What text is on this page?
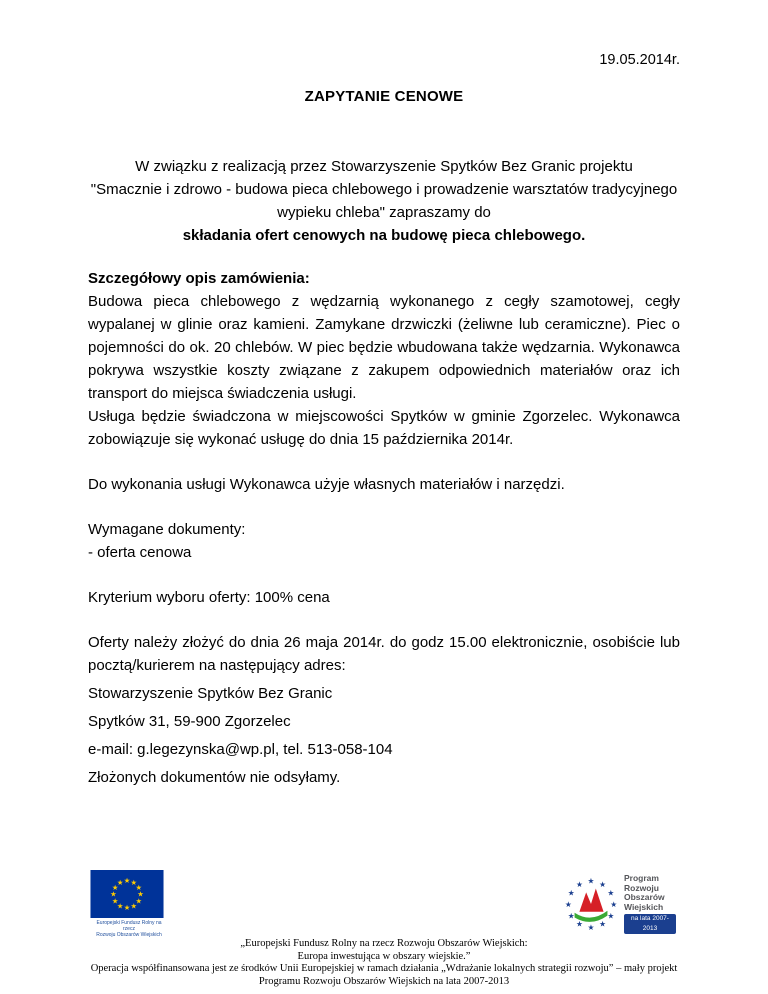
19.05.2014r.

ZAPYTANIE CENOWE

W związku z realizacją przez Stowarzyszenie Spytków Bez Granic projektu
"Smacznie i zdrowo - budowa pieca chlebowego i prowadzenie warsztatów tradycyjnego
wypieku chleba" zapraszamy do
składania ofert cenowych na budowę pieca chlebowego.

Szczegółowy opis zamówienia:

Budowa pieca chlebowego z wędzarnią wykonanego z cegły szamotowej, cegły wypalanej w glinie oraz kamieni. Zamykane drzwiczki (żeliwne lub ceramiczne). Piec o pojemności do ok. 20 chlebów. W piec będzie wbudowana także wędzarnia. Wykonawca pokrywa wszystkie koszty związane z zakupem odpowiednich materiałów oraz ich transport do miejsca świadczenia usługi.

Usługa będzie świadczona w miejscowości Spytków w gminie Zgorzelec. Wykonawca zobowiązuje się wykonać usługę do dnia 15 października 2014r.

Do wykonania usługi Wykonawca użyje własnych materiałów i narzędzi.

Wymagane dokumenty:

- oferta cenowa

Kryterium wyboru oferty: 100% cena

Oferty należy złożyć do dnia 26 maja 2014r. do godz 15.00 elektronicznie, osobiście lub pocztą/kurierem na następujący adres:

Stowarzyszenie Spytków Bez Granic

Spytków 31, 59-900 Zgorzelec

e-mail: g.legezynska@wp.pl, tel. 513-058-104

Złożonych dokumentów nie odsyłamy.

★ ★
★
★
★
★
★
★
★
★
★
★
Europejski Fundusz Rolny na rzecz
Rozwoju Obszarów Wiejskich
★ ★
★
★
★
★
★
★
★
★
★
★
Program
Rozwoju
Obszarów
Wiejskich
na lata 2007-2013
„Europejski Fundusz Rolny na rzecz Rozwoju Obszarów Wiejskich:
Europa inwestująca w obszary wiejskie.”
Operacja współfinansowana jest ze środków Unii Europejskiej w ramach działania „Wdrażanie lokalnych strategii rozwoju” – mały projekt
Programu Rozwoju Obszarów Wiejskich na lata 2007-2013
